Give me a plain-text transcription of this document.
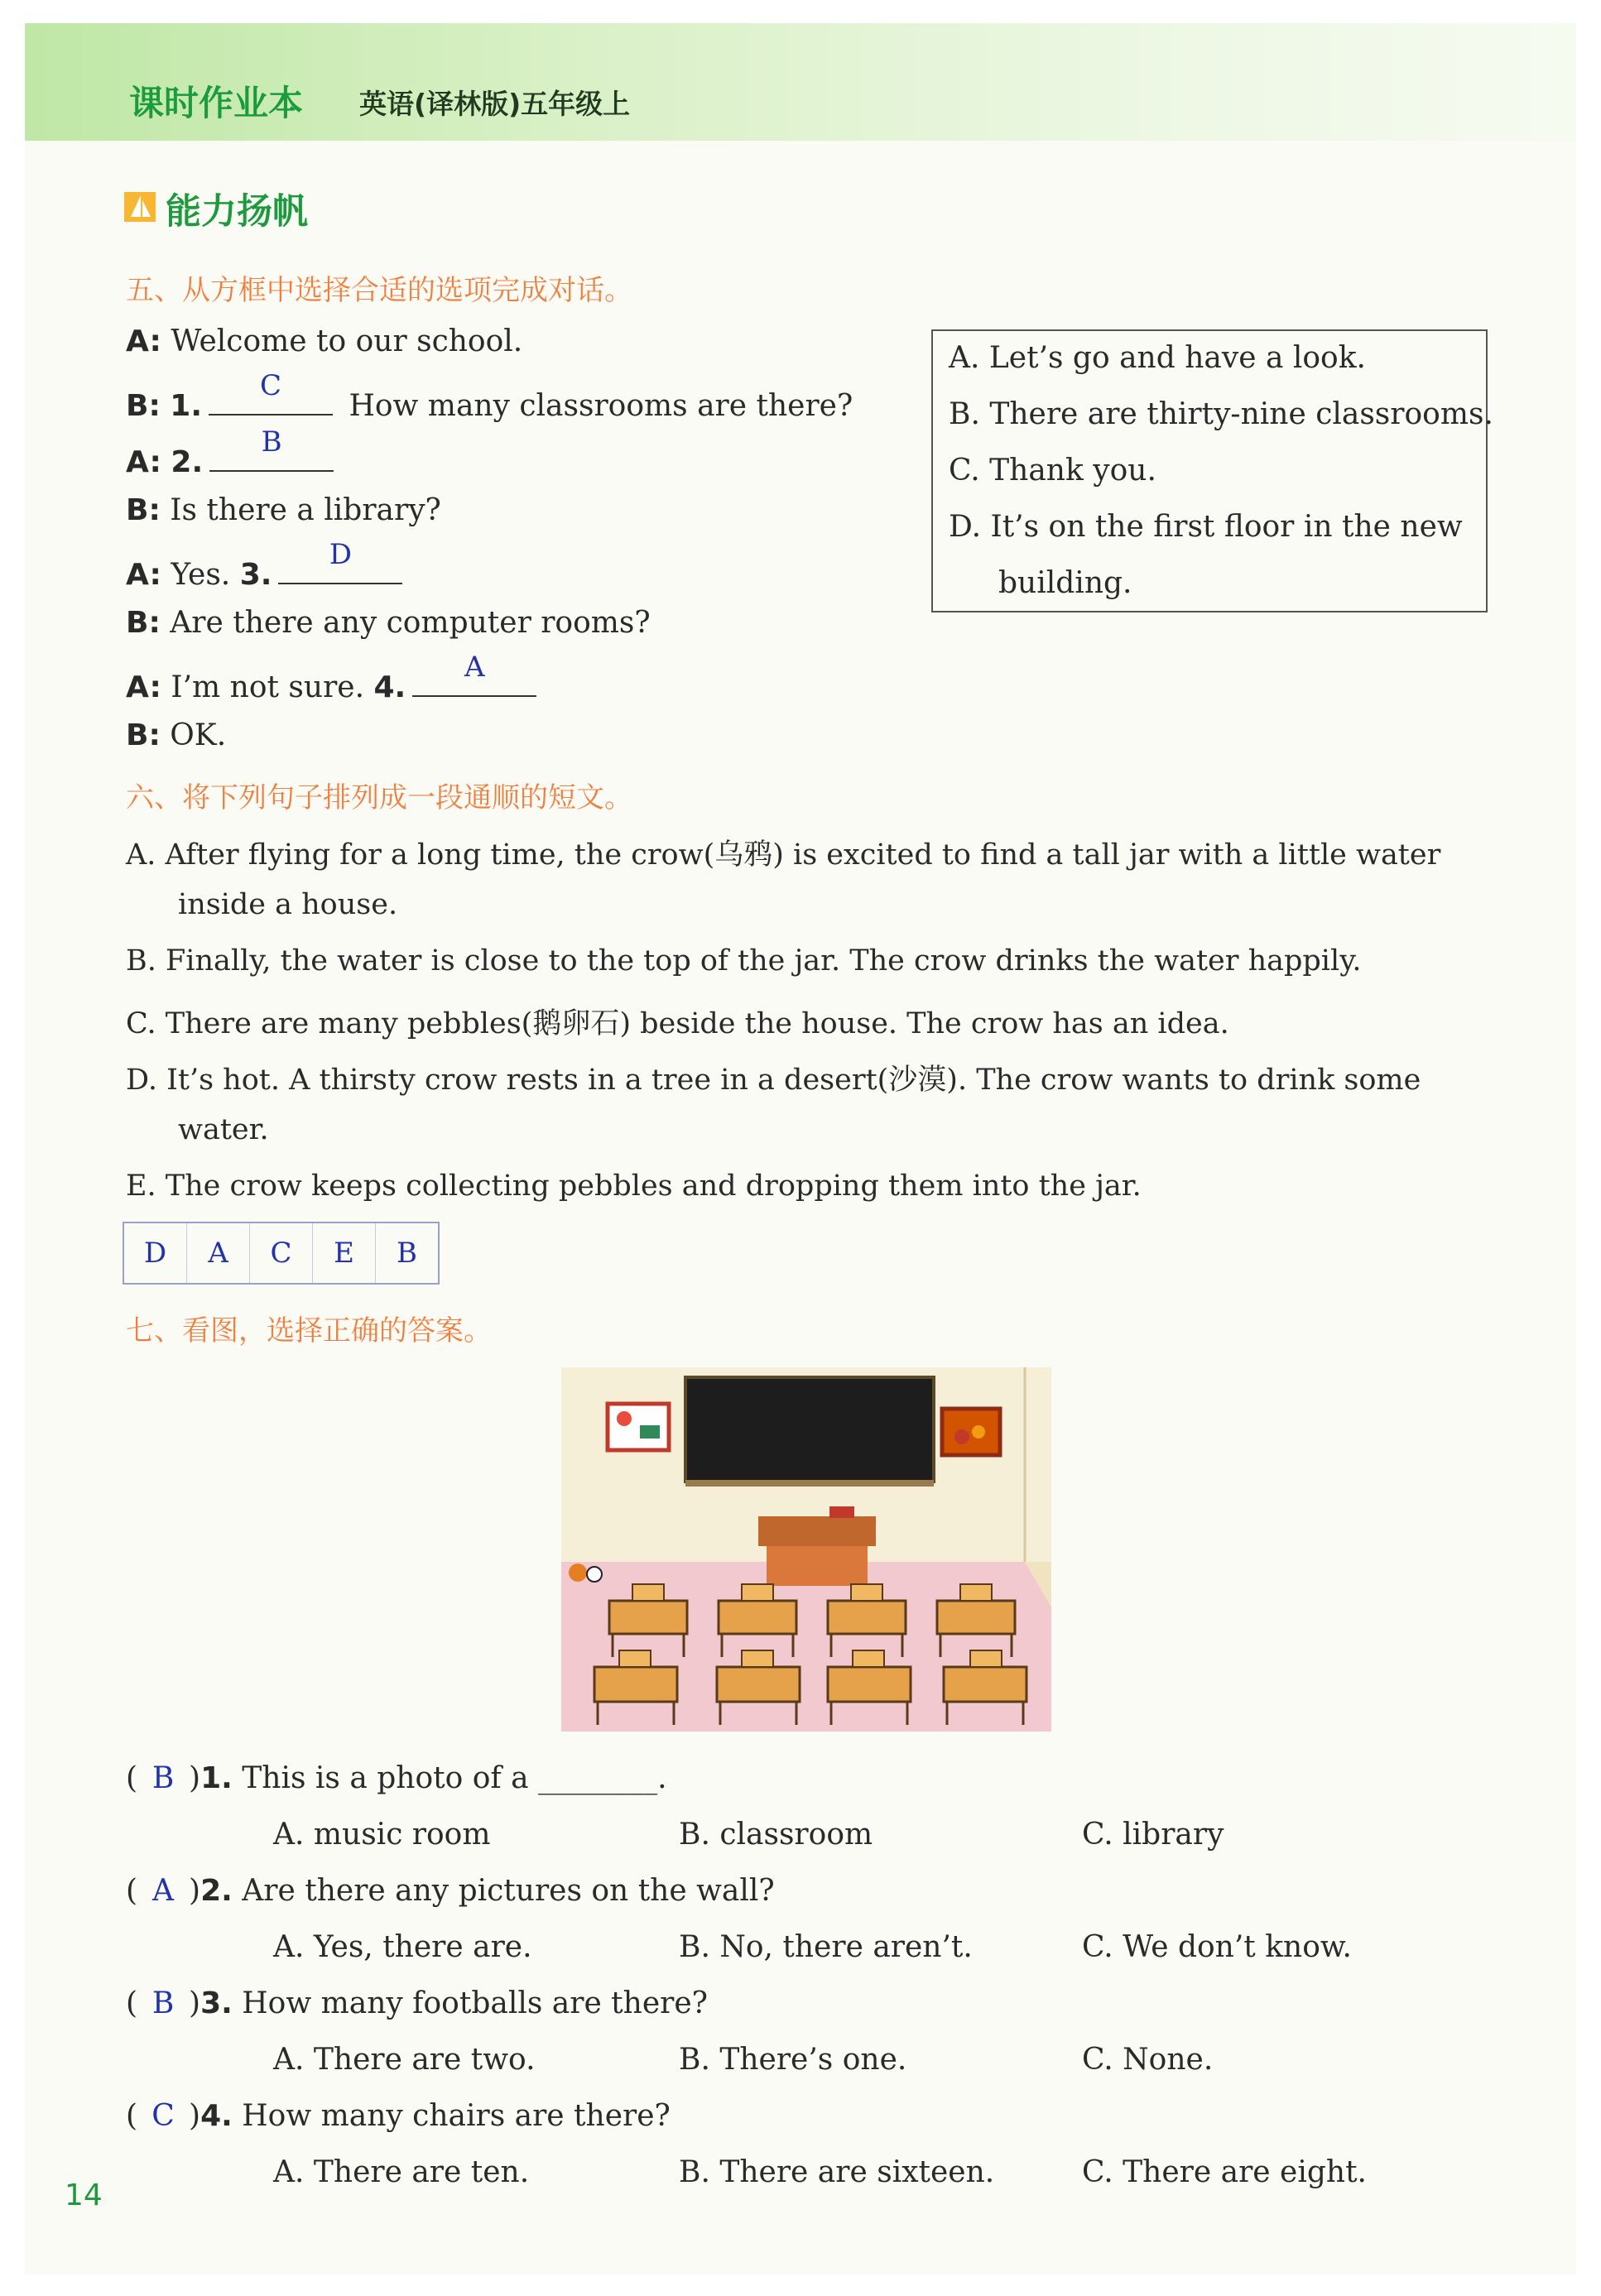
课时作业本 英语(译林版)五年级上
能力扬帆
五、从方框中选择合适的选项完成对话。
A: Welcome to our school.
B: 1.
C
How many classrooms are there?
A: 2.
B
B: Is there a library?
A: Yes. 3.
D
B: Are there any computer rooms?
A: I’m not sure. 4.
A
B: OK.
A. Let’s go and have a look.
B. There are thirty-nine classrooms.
C. Thank you.
D. It’s on the first floor in the new
building.
六、将下列句子排列成一段通顺的短文。
A. After flying for a long time, the crow(乌鸦) is excited to find a tall jar with a little water
inside a house.
B. Finally, the water is close to the top of the jar. The crow drinks the water happily.
C. There are many pebbles(鹅卵石) beside the house. The crow has an idea.
D. It’s hot. A thirsty crow rests in a tree in a desert(沙漠). The crow wants to drink some
water.
E. The crow keeps collecting pebbles and dropping them into the jar.
D	A	C	E	B
七、看图，选择正确的答案。
( B )1. This is a photo of a ________.
A. music room	B. classroom	C. library
( A )2. Are there any pictures on the wall?
A. Yes, there are.	B. No, there aren’t.	C. We don’t know.
( B )3. How many footballs are there?
A. There are two.	B. There’s one.	C. None.
( C )4. How many chairs are there?
A. There are ten.	B. There are sixteen.	C. There are eight.
14
